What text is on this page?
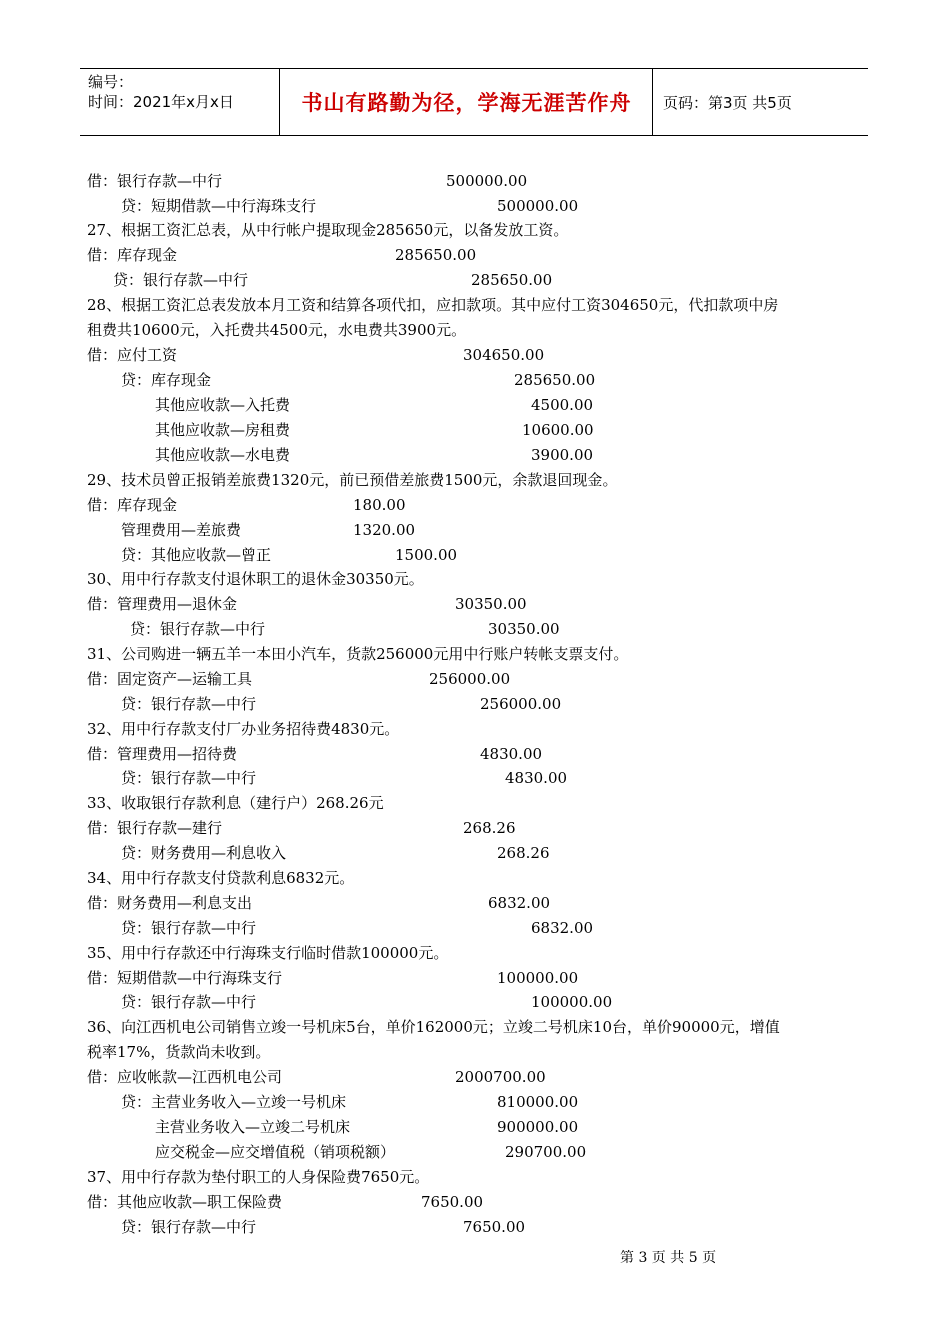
编号：
时间：2021年x月x日	书山有路勤为径，学海无涯苦作舟	页码：第3页 共5页
借：银行存款—中行	500000.00
贷：短期借款—中行海珠支行	500000.00
27、根据工资汇总表，从中行帐户提取现金285650元，以备发放工资。
借：库存现金	285650.00
贷：银行存款—中行	285650.00
28、根据工资汇总表发放本月工资和结算各项代扣，应扣款项。其中应付工资304650元，代扣款项中房
租费共10600元，入托费共4500元，水电费共3900元。
借：应付工资	304650.00
贷：库存现金	285650.00
其他应收款—入托费	4500.00
其他应收款—房租费	10600.00
其他应收款—水电费	3900.00
29、技术员曾正报销差旅费1320元，前已预借差旅费1500元，余款退回现金。
借：库存现金	180.00
管理费用—差旅费	1320.00
贷：其他应收款—曾正	1500.00
30、用中行存款支付退休职工的退休金30350元。
借：管理费用—退休金	30350.00
贷：银行存款—中行	30350.00
31、公司购进一辆五羊一本田小汽车，货款256000元用中行账户转帐支票支付。
借：固定资产—运输工具	256000.00
贷：银行存款—中行	256000.00
32、用中行存款支付厂办业务招待费4830元。
借：管理费用—招待费	4830.00
贷：银行存款—中行	4830.00
33、收取银行存款利息（建行户）268.26元
借：银行存款—建行	268.26
贷：财务费用—利息收入	268.26
34、用中行存款支付贷款利息6832元。
借：财务费用—利息支出	6832.00
贷：银行存款—中行	6832.00
35、用中行存款还中行海珠支行临时借款100000元。
借：短期借款—中行海珠支行	100000.00
贷：银行存款—中行	100000.00
36、向江西机电公司销售立竣一号机床5台，单价162000元；立竣二号机床10台，单价90000元，增值
税率17%，货款尚未收到。
借：应收帐款—江西机电公司	2000700.00
贷：主营业务收入—立竣一号机床	810000.00
主营业务收入—立竣二号机床	900000.00
应交税金—应交增值税（销项税额）	290700.00
37、用中行存款为垫付职工的人身保险费7650元。
借：其他应收款—职工保险费	7650.00
贷：银行存款—中行	7650.00
第 3 页 共 5 页
